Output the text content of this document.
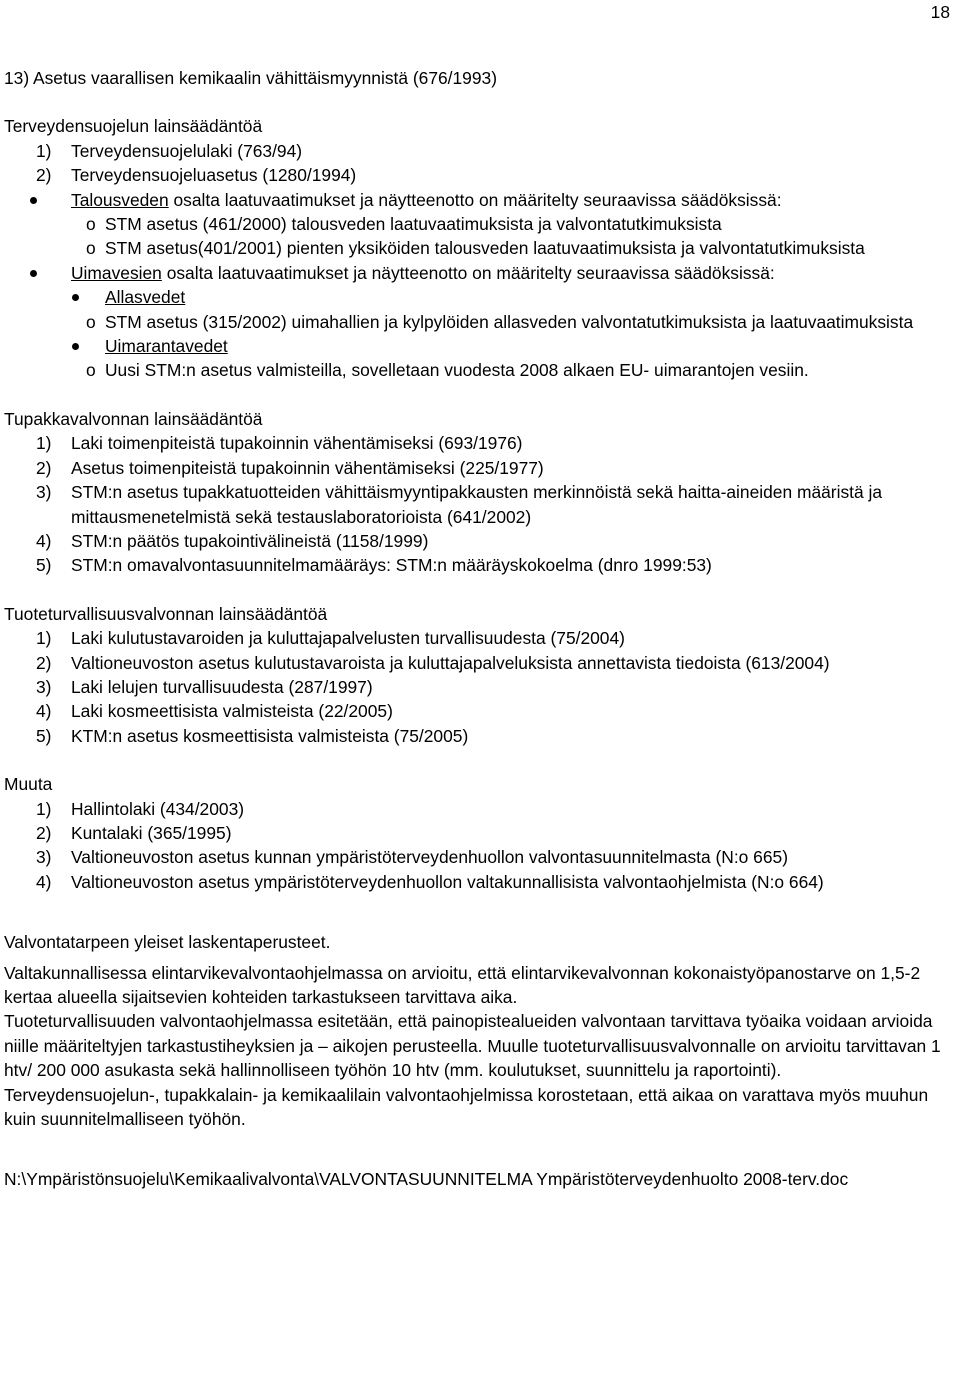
18
13) Asetus vaarallisen kemikaalin vähittäismyynnistä (676/1993)
Terveydensuojelun lainsäädäntöä
1)	Terveydensuojelulaki (763/94)
2)	Terveydensuojeluasetus (1280/1994)
Talousveden osalta laatuvaatimukset ja näytteenotto on määritelty seuraavissa säädöksissä:
o STM asetus (461/2000) talousveden laatuvaatimuksista ja valvontatutkimuksista
o STM asetus(401/2001) pienten yksiköiden talousveden laatuvaatimuksista ja valvontatutkimuksista
Uimavesien osalta laatuvaatimukset ja näytteenotto on määritelty seuraavissa säädöksissä:
Allasvedet
o STM asetus (315/2002) uimahallien ja kylpylöiden allasveden valvontatutkimuksista ja laatuvaatimuksista
Uimarantavedet
o Uusi STM:n asetus valmisteilla, sovelletaan vuodesta 2008 alkaen EU- uimarantojen vesiin.
Tupakkavalvonnan lainsäädäntöä
1)	Laki toimenpiteistä tupakoinnin vähentämiseksi (693/1976)
2)	Asetus toimenpiteistä tupakoinnin vähentämiseksi (225/1977)
3)	STM:n asetus tupakkatuotteiden vähittäismyyntipakkausten merkinnöistä sekä haitta-aineiden määristä ja mittausmenetelmistä sekä testauslaboratorioista (641/2002)
4)	STM:n päätös tupakointivälineistä (1158/1999)
5)	STM:n omavalvontasuunnitelmamääräys: STM:n määräyskokoelma (dnro 1999:53)
Tuoteturvallisuusvalvonnan lainsäädäntöä
1)	Laki kulutustavaroiden ja kuluttajapalvelusten turvallisuudesta (75/2004)
2)	Valtioneuvoston asetus kulutustavaroista ja kuluttajapalveluksista annettavista tiedoista (613/2004)
3)	Laki lelujen turvallisuudesta (287/1997)
4)	Laki kosmeettisista valmisteista (22/2005)
5)	KTM:n asetus kosmeettisista valmisteista (75/2005)
Muuta
1)	Hallintolaki (434/2003)
2)	Kuntalaki (365/1995)
3)	Valtioneuvoston asetus kunnan ympäristöterveydenhuollon valvontasuunnitelmasta (N:o 665)
4)	Valtioneuvoston asetus ympäristöterveydenhuollon valtakunnallisista valvontaohjelmista (N:o 664)
Valvontatarpeen yleiset laskentaperusteet.
Valtakunnallisessa elintarvikevalvontaohjelmassa on arvioitu, että elintarvikevalvonnan kokonaistyöpanostarve on 1,5-2 kertaa alueella sijaitsevien kohteiden tarkastukseen tarvittava aika.
Tuoteturvallisuuden valvontaohjelmassa esitetään, että painopistealueiden valvontaan tarvittava työaika voidaan arvioida niille määriteltyjen tarkastustiheyksien ja – aikojen perusteella. Muulle tuoteturvallisuusvalvonnalle on arvioitu tarvittavan 1 htv/ 200 000 asukasta sekä hallinnolliseen työhön 10 htv (mm. koulutukset, suunnittelu ja raportointi).
Terveydensuojelun-, tupakkalain- ja kemikaalilain valvontaohjelmissa korostetaan, että aikaa on varattava myös muuhun kuin suunnitelmalliseen työhön.
N:\Ympäristönsuojelu\Kemikaalivalvonta\VALVONTASUUNNITELMA Ympäristöterveydenhuolto 2008-terv.doc
